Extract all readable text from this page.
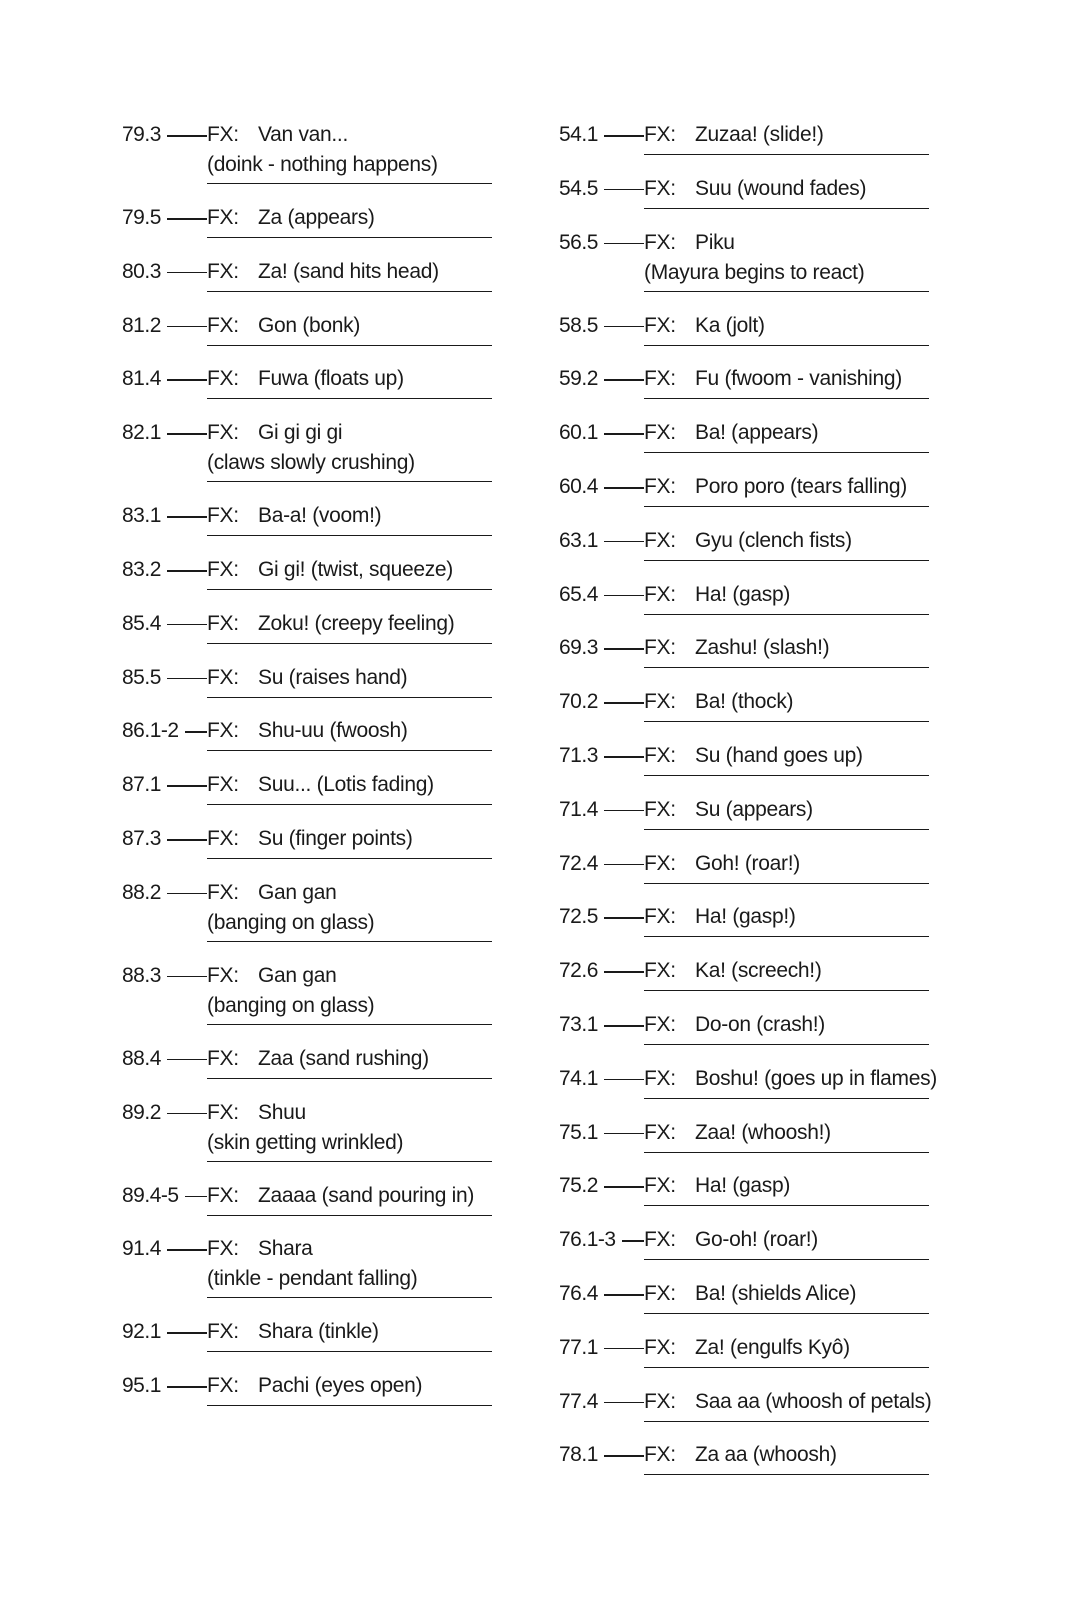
79.3 FX: Van van...
(doink - nothing happens)
79.5 FX: Za (appears)
80.3 FX: Za! (sand hits head)
81.2 FX: Gon (bonk)
81.4 FX: Fuwa (floats up)
82.1 FX: Gi gi gi gi
(claws slowly crushing)
83.1 FX: Ba-a! (voom!)
83.2 FX: Gi gi! (twist, squeeze)
85.4 FX: Zoku! (creepy feeling)
85.5 FX: Su (raises hand)
86.1-2 FX: Shu-uu (fwoosh)
87.1 FX: Suu... (Lotis fading)
87.3 FX: Su (finger points)
88.2 FX: Gan gan
(banging on glass)
88.3 FX: Gan gan
(banging on glass)
88.4 FX: Zaa (sand rushing)
89.2 FX: Shuu
(skin getting wrinkled)
89.4-5 FX: Zaaaa (sand pouring in)
91.4 FX: Shara
(tinkle - pendant falling)
92.1 FX: Shara (tinkle)
95.1 FX: Pachi (eyes open)
54.1 FX: Zuzaa! (slide!)
54.5 FX: Suu (wound fades)
56.5 FX: Piku
(Mayura begins to react)
58.5 FX: Ka (jolt)
59.2 FX: Fu (fwoom - vanishing)
60.1 FX: Ba! (appears)
60.4 FX: Poro poro (tears falling)
63.1 FX: Gyu (clench fists)
65.4 FX: Ha! (gasp)
69.3 FX: Zashu! (slash!)
70.2 FX: Ba! (thock)
71.3 FX: Su (hand goes up)
71.4 FX: Su (appears)
72.4 FX: Goh! (roar!)
72.5 FX: Ha! (gasp!)
72.6 FX: Ka! (screech!)
73.1 FX: Do-on (crash!)
74.1 FX: Boshu! (goes up in flames)
75.1 FX: Zaa! (whoosh!)
75.2 FX: Ha! (gasp)
76.1-3 FX: Go-oh! (roar!)
76.4 FX: Ba! (shields Alice)
77.1 FX: Za! (engulfs Kyô)
77.4 FX: Saa aa (whoosh of petals)
78.1 FX: Za aa (whoosh)
